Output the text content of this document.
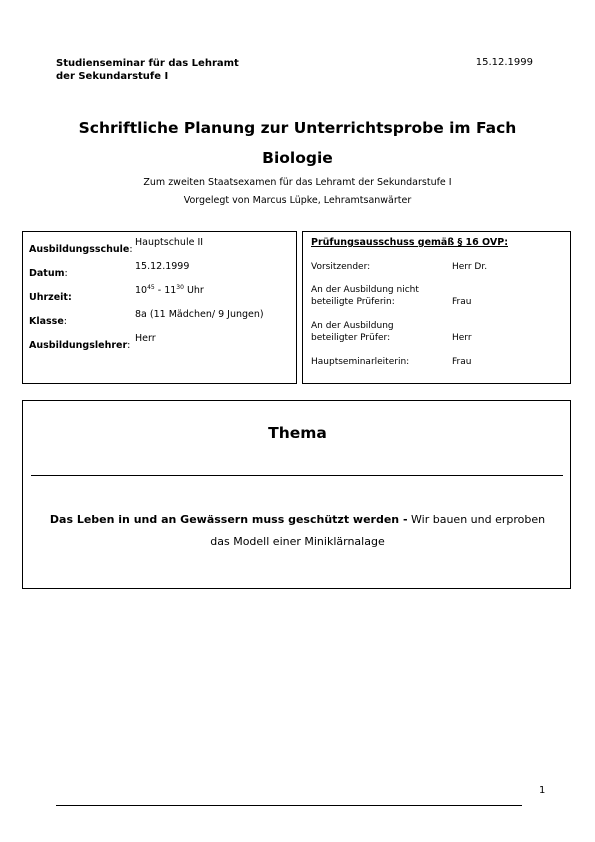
Studienseminar für das Lehramt
der Sekundarstufe I
15.12.1999
Schriftliche Planung zur Unterrichtsprobe im Fach
Biologie
Zum zweiten Staatsexamen für das Lehramt der Sekundarstufe I
Vorgelegt von Marcus Lüpke, Lehramtsanwärter
Ausbildungsschule:
Hauptschule II
Datum:
15.12.1999
Uhrzeit:
$10^{45} - 11^{30}$ Uhr
Klasse:
8a (11 Mädchen/ 9 Jungen)
Ausbildungslehrer:
Herr
Prüfungsausschuss gemäß § 16 OVP:
Vorsitzender:	Herr Dr.
An der Ausbildung nicht
beteiligte Prüferin:	Frau
An der Ausbildung
beteiligter Prüfer:	Herr
Hauptseminarleiterin:	Frau
Thema
Das Leben in und an Gewässern muss geschützt werden - Wir bauen und erproben das Modell einer Miniklärnalage
1
